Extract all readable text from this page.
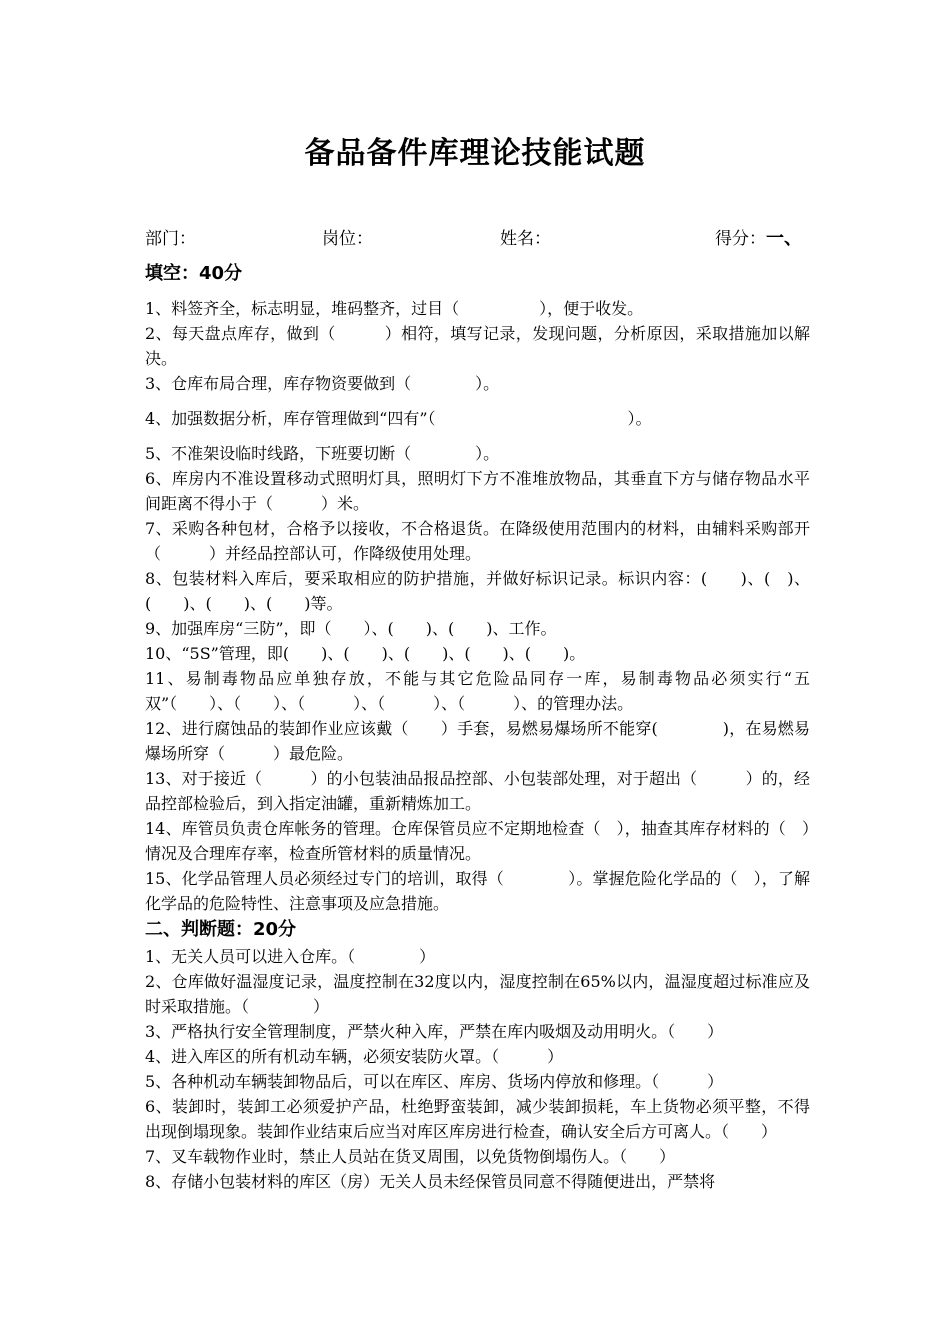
备品备件库理论技能试题
部门：	岗位：	姓名：	得分： 一、

填空：40分

1、料签齐全，标志明显，堆码整齐，过目（　　　　　），便于收发。

2、每天盘点库存，做到（　　　）相符，填写记录，发现问题，分析原因，采取措施加以解决。

3、仓库布局合理，库存物资要做到（　　　　）。

4、加强数据分析，库存管理做到“四有”（　　　　　　　　　　　　）。

5、不准架设临时线路，下班要切断（　　　　）。

6、库房内不准设置移动式照明灯具，照明灯下方不准堆放物品，其垂直下方与储存物品水平间距离不得小于（　　　）米。

7、采购各种包材，合格予以接收，不合格退货。在降级使用范围内的材料，由辅料采购部开（　　　）并经品控部认可，作降级使用处理。

8、包装材料入库后，要采取相应的防护措施，并做好标识记录。标识内容：(　　)、(　)、(　　)、(　　)、(　　)等。

9、加强库房“三防”，即（　　）、(　　)、(　　)、工作。

10、“5S”管理，即(　　)、(　　)、(　　)、(　　)、(　　)。

11、易制毒物品应单独存放，不能与其它危险品同存一库，易制毒物品必须实行“五双”（　　）、（　　）、（　　　）、（　　　）、（　　　）、的管理办法。

12、进行腐蚀品的装卸作业应该戴（　　）手套，易燃易爆场所不能穿(　　　　)，在易燃易爆场所穿（　　　）最危险。

13、对于接近（　　　）的小包装油品报品控部、小包装部处理，对于超出（　　　）的，经品控部检验后，到入指定油罐，重新精炼加工。

14、库管员负责仓库帐务的管理。仓库保管员应不定期地检查（　），抽查其库存材料的（　）情况及合理库存率，检查所管材料的质量情况。

15、化学品管理人员必须经过专门的培训，取得（　　　　）。掌握危险化学品的（　），了解化学品的危险特性、注意事项及应急措施。

二、判断题：20分

1、无关人员可以进入仓库。（　　　　）

2、仓库做好温湿度记录，温度控制在32度以内，湿度控制在65%以内，温湿度超过标准应及时采取措施。（　　　　）

3、严格执行安全管理制度，严禁火种入库，严禁在库内吸烟及动用明火。（　　）

4、进入库区的所有机动车辆，必须安装防火罩。（　　　）

5、各种机动车辆装卸物品后，可以在库区、库房、货场内停放和修理。（　　　）

6、装卸时，装卸工必须爱护产品，杜绝野蛮装卸，减少装卸损耗，车上货物必须平整，不得出现倒塌现象。装卸作业结束后应当对库区库房进行检查，确认安全后方可离人。（　　）

7、叉车载物作业时，禁止人员站在货叉周围，以免货物倒塌伤人。（　　）

8、存储小包装材料的库区（房）无关人员未经保管员同意不得随便进出，严禁将
